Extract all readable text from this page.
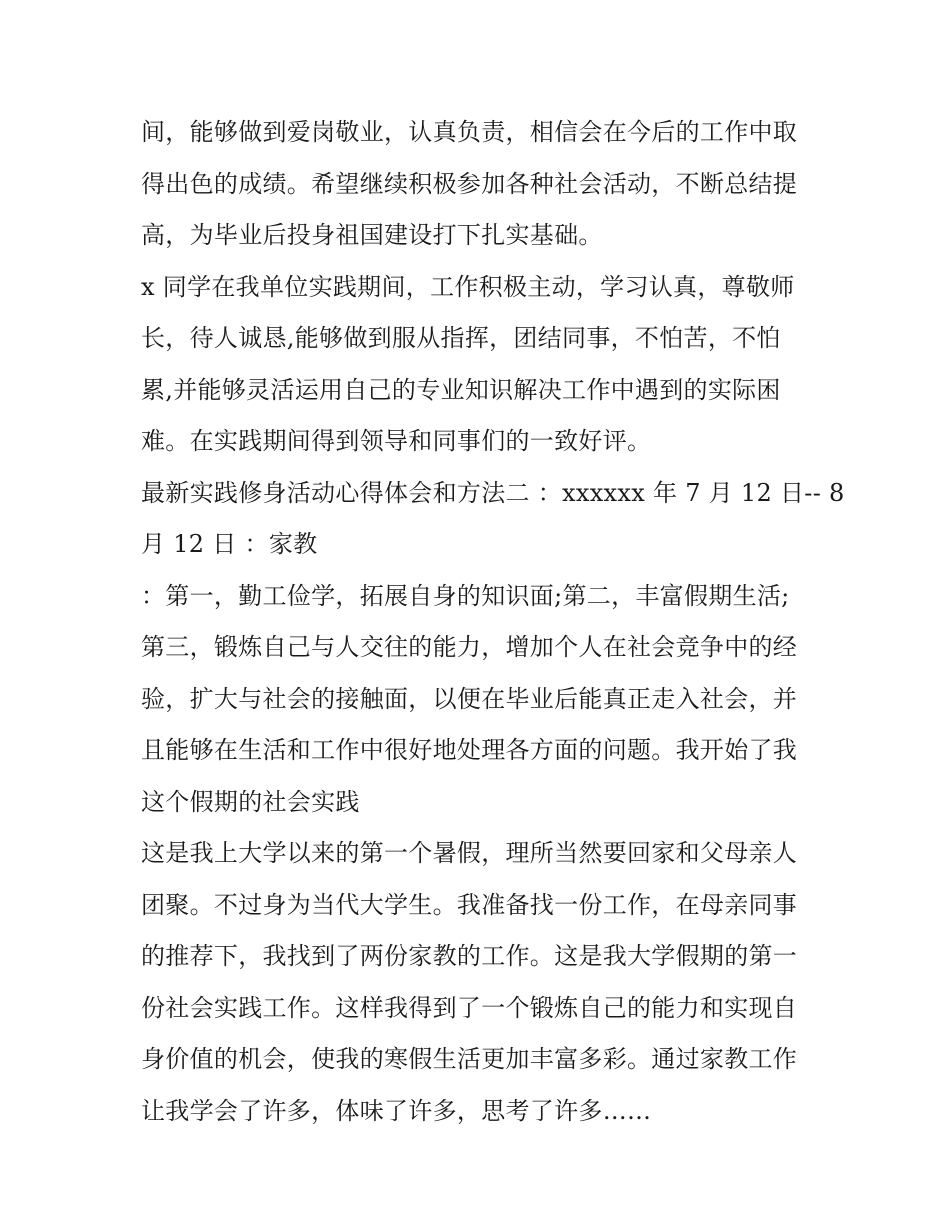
间，能够做到爱岗敬业，认真负责，相信会在今后的工作中取
得出色的成绩。希望继续积极参加各种社会活动，不断总结提
高，为毕业后投身祖国建设打下扎实基础。
x 同学在我单位实践期间，工作积极主动，学习认真，尊敬师
长，待人诚恳,能够做到服从指挥，团结同事，不怕苦，不怕
累,并能够灵活运用自己的专业知识解决工作中遇到的实际困
难。在实践期间得到领导和同事们的一致好评。
最新实践修身活动心得体会和方法二 ：xxxxxx 年 7 月 12 日-- 8
月 12 日 ：家教
：第一，勤工俭学，拓展自身的知识面;第二，丰富假期生活;
第三，锻炼自己与人交往的能力，增加个人在社会竞争中的经
验，扩大与社会的接触面，以便在毕业后能真正走入社会，并
且能够在生活和工作中很好地处理各方面的问题。我开始了我
这个假期的社会实践
这是我上大学以来的第一个暑假，理所当然要回家和父母亲人
团聚。不过身为当代大学生。我准备找一份工作，在母亲同事
的推荐下，我找到了两份家教的工作。这是我大学假期的第一
份社会实践工作。这样我得到了一个锻炼自己的能力和实现自
身价值的机会，使我的寒假生活更加丰富多彩。通过家教工作
让我学会了许多，体味了许多，思考了许多……
